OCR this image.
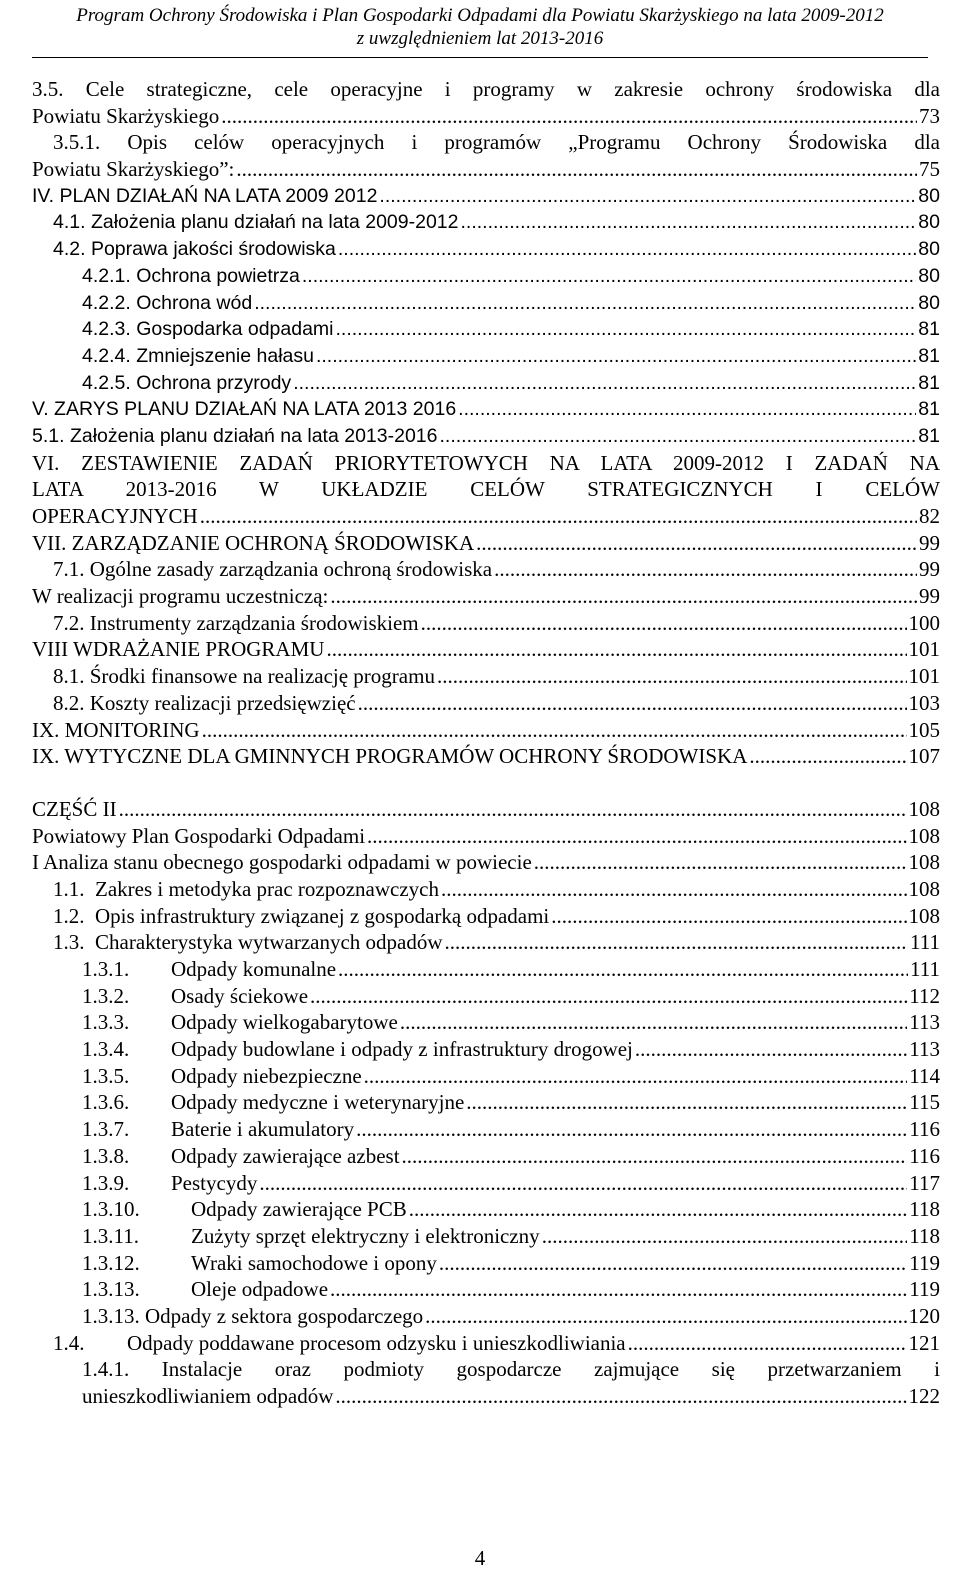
Program Ochrony Środowiska i Plan Gospodarki Odpadami dla Powiatu Skarżyskiego na lata 2009-2012
z uwzględnieniem lat 2013-2016
3.5. Cele strategiczne, cele operacyjne i programy w zakresie ochrony środowiska dla
Powiatu Skarżyskiego .....	73
3.5.1. Opis celów operacyjnych i programów „Programu Ochrony Środowiska dla
Powiatu Skarżyskiego”: .....	75
IV. PLAN DZIAŁAŃ NA LATA 2009 2012 .....	80
4.1. Założenia planu działań na lata 2009-2012 .....	80
4.2. Poprawa jakości środowiska .....	80
4.2.1. Ochrona powietrza .....	80
4.2.2. Ochrona wód .....	80
4.2.3. Gospodarka odpadami .....	81
4.2.4. Zmniejszenie hałasu .....	81
4.2.5. Ochrona przyrody .....	81
V. ZARYS PLANU DZIAŁAŃ NA LATA 2013 2016 .....	81
5.1. Założenia planu działań na lata 2013-2016 .....	81
VI. ZESTAWIENIE ZADAŃ PRIORYTETOWYCH NA LATA 2009-2012 I ZADAŃ NA
LATA 2013-2016 W UKŁADZIE CELÓW STRATEGICZNYCH I CELÓW
OPERACYJNYCH .....	82
VII. ZARZĄDZANIE OCHRONĄ ŚRODOWISKA .....	99
7.1. Ogólne zasady zarządzania ochroną środowiska .....	99
W realizacji programu uczestniczą: .....	99
7.2. Instrumenty zarządzania środowiskiem .....	100
VIII WDRAŻANIE PROGRAMU .....	101
8.1. Środki finansowe na realizację programu .....	101
8.2. Koszty realizacji przedsięwzięć .....	103
IX. MONITORING .....	105
IX. WYTYCZNE DLA GMINNYCH PROGRAMÓW OCHRONY ŚRODOWISKA .....	107
CZĘŚĆ II .....	108
Powiatowy Plan Gospodarki Odpadami .....	108
I Analiza stanu obecnego gospodarki odpadami w powiecie .....	108
1.1. Zakres i metodyka prac rozpoznawczych .....	108
1.2. Opis infrastruktury związanej z gospodarką odpadami .....	108
1.3. Charakterystyka wytwarzanych odpadów .....	111
1.3.1. Odpady komunalne .....	111
1.3.2. Osady ściekowe .....	112
1.3.3. Odpady wielkogabarytowe .....	113
1.3.4. Odpady budowlane i odpady z infrastruktury drogowej .....	113
1.3.5. Odpady niebezpieczne .....	114
1.3.6. Odpady medyczne i weterynaryjne .....	115
1.3.7. Baterie i akumulatory .....	116
1.3.8. Odpady zawierające azbest .....	116
1.3.9. Pestycydy .....	117
1.3.10. Odpady zawierające PCB .....	118
1.3.11. Zużyty sprzęt elektryczny i elektroniczny .....	118
1.3.12. Wraki samochodowe i opony .....	119
1.3.13. Oleje odpadowe .....	119
1.3.13. Odpady z sektora gospodarczego .....	120
1.4. Odpady poddawane procesom odzysku i unieszkodliwiania .....	121
1.4.1. Instalacje oraz podmioty gospodarcze zajmujące się przetwarzaniem i
unieszkodliwianiem odpadów .....	122
4
